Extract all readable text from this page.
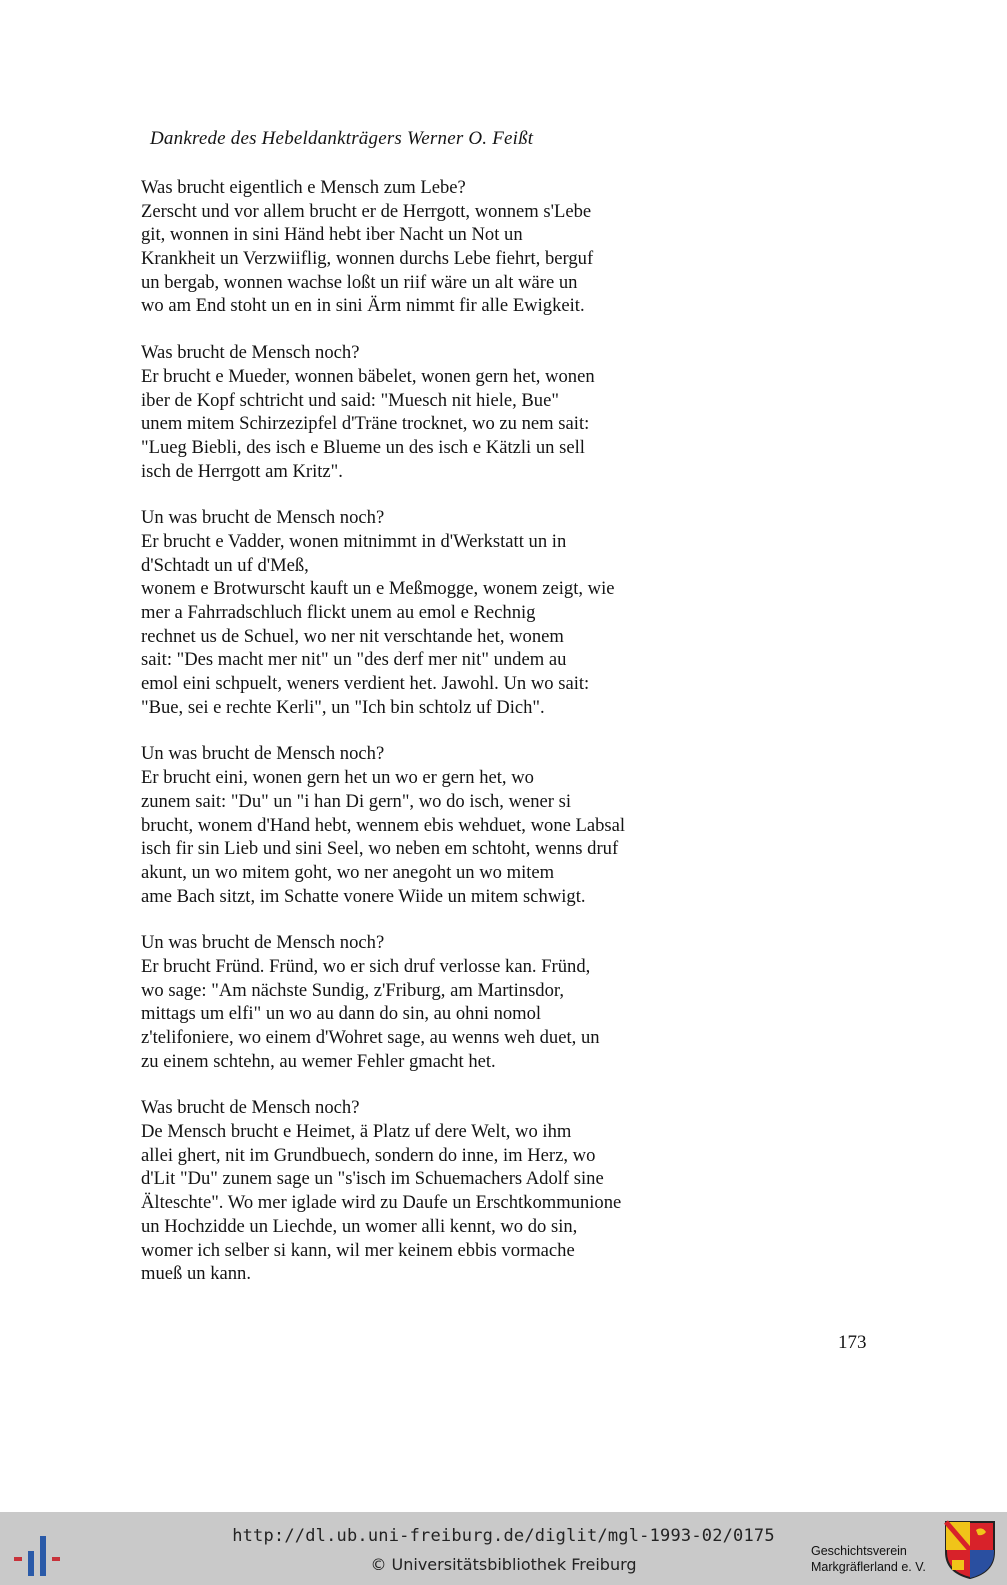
Dankrede des Hebeldankträgers Werner O. Feißt
Was brucht eigentlich e Mensch zum Lebe?
Zerscht und vor allem brucht er de Herrgott, wonnem s'Lebe
git, wonnen in sini Händ hebt iber Nacht un Not un
Krankheit un Verzwiiflig, wonnen durchs Lebe fiehrt, berguf
un bergab, wonnen wachse loßt un riif wäre un alt wäre un
wo am End stoht un en in sini Ärm nimmt fir alle Ewigkeit.
Was brucht de Mensch noch?
Er brucht e Mueder, wonnen bäbelet, wonen gern het, wonen
iber de Kopf schtricht und said: "Muesch nit hiele, Bue"
unem mitem Schirzezipfel d'Träne trocknet, wo zu nem sait:
"Lueg Biebli, des isch e Blueme un des isch e Kätzli un sell
isch de Herrgott am Kritz".
Un was brucht de Mensch noch?
Er brucht e Vadder, wonen mitnimmt in d'Werkstatt un in
d'Schtadt un uf d'Meß,
wonem e Brotwurscht kauft un e Meßmogge, wonem zeigt, wie
mer a Fahrradschluch flickt unem au emol e Rechnig
rechnet us de Schuel, wo ner nit verschtande het, wonem
sait: "Des macht mer nit" un "des derf mer nit" undem au
emol eini schpuelt, weners verdient het. Jawohl. Un wo sait:
"Bue, sei e rechte Kerli", un "Ich bin schtolz uf Dich".
Un was brucht de Mensch noch?
Er brucht eini, wonen gern het un wo er gern het, wo
zunem sait: "Du" un "i han Di gern", wo do isch, wener si
brucht, wonem d'Hand hebt, wennem ebis wehduet, wone Labsal
isch fir sin Lieb und sini Seel, wo neben em schtoht, wenns druf
akunt, un wo mitem goht, wo ner anegoht un wo mitem
ame Bach sitzt, im Schatte vonere Wiide un mitem schwigt.
Un was brucht de Mensch noch?
Er brucht Fründ. Fründ, wo er sich druf verlosse kan. Fründ,
wo sage: "Am nächste Sundig, z'Friburg, am Martinsdor,
mittags um elfi" un wo au dann do sin, au ohni nomol
z'telifoniere, wo einem d'Wohret sage, au wenns weh duet, un
zu einem schtehn, au wemer Fehler gmacht het.
Was brucht de Mensch noch?
De Mensch brucht e Heimet, ä Platz uf dere Welt, wo ihm
allei ghert, nit im Grundbuech, sondern do inne, im Herz, wo
d'Lit "Du" zunem sage un "s'isch im Schuemachers Adolf sine
Älteschte". Wo mer iglade wird zu Daufe un Erschtkommunione
un Hochzidde un Liechde, un womer alli kennt, wo do sin,
womer ich selber si kann, wil mer keinem ebbis vormache
mueß un kann.
173
http://dl.ub.uni-freiburg.de/diglit/mgl-1993-02/0175
© Universitätsbibliothek Freiburg
Geschichtsverein
Markgräflerland e. V.
